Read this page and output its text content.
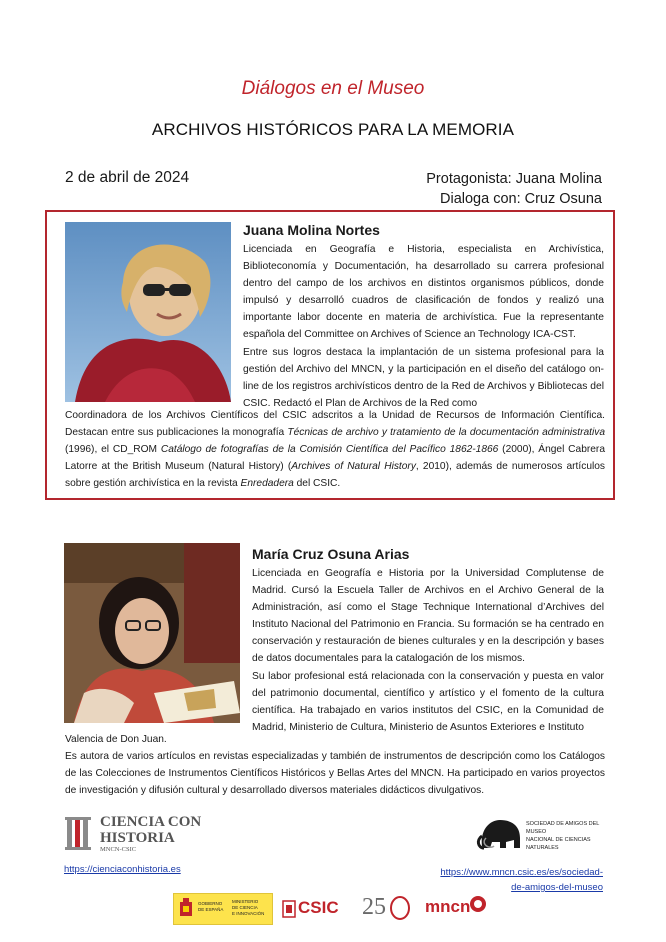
Diálogos en el Museo
ARCHIVOS HISTÓRICOS PARA LA MEMORIA
2 de abril de 2024	Protagonista: Juana Molina
Dialoga con: Cruz Osuna
Juana Molina Nortes

Licenciada en Geografía e Historia, especialista en Archivística, Biblioteconomía y Documentación, ha desarrollado su carrera profesional dentro del campo de los archivos en distintos organismos públicos, donde impulsó y desarrolló cuadros de clasificación de fondos y realizó una importante labor docente en materia de archivística. Fue la representante española del Committee on Archives of Science an Technology ICA-CST.

Entre sus logros destaca la implantación de un sistema profesional para la gestión del Archivo del MNCN, y la participación en el diseño del catálogo on-line de los registros archivísticos dentro de la Red de Archivos y Bibliotecas del CSIC. Redactó el Plan de Archivos de la Red como

Coordinadora de los Archivos Científicos del CSIC adscritos a la Unidad de Recursos de Información Científica. Destacan entre sus publicaciones la monografía Técnicas de archivo y tratamiento de la documentación administrativa (1996), el CD_ROM Catálogo de fotografías de la Comisión Científica del Pacífico 1862-1866 (2000), Ángel Cabrera Latorre at the British Museum (Natural History) (Archives of Natural History, 2010), además de numerosos artículos sobre gestión archivística en la revista Enredadera del CSIC.
María Cruz Osuna Arias

Licenciada en Geografía e Historia por la Universidad Complutense de Madrid. Cursó la Escuela Taller de Archivos en el Archivo General de la Administración, así como el Stage Technique International d’Archives del Instituto Nacional del Patrimonio en Francia. Su formación se ha centrado en conservación y restauración de bienes culturales y en la descripción y bases de datos documentales para la catalogación de los mismos.

Su labor profesional está relacionada con la conservación y puesta en valor del patrimonio documental, científico y artístico y el fomento de la cultura científica. Ha trabajado en varios institutos del CSIC, en la Comunidad de Madrid, Ministerio de Cultura, Ministerio de Asuntos Exteriores e Instituto

Valencia de Don Juan.
Es autora de varios artículos en revistas especializadas y también de instrumentos de descripción como los Catálogos de las Colecciones de Instrumentos Científicos Históricos y Bellas Artes del MNCN. Ha participado en varios proyectos de investigación y difusión cultural y desarrollado diversos materiales didácticos divulgativos.
CIENCIA CON
HISTORIA
MNCN-CSIC
SOCIEDAD DE AMIGOS DEL MUSEO
NACIONAL DE CIENCIAS NATURALES
https://cienciaconhistoria.es	https://www.mncn.csic.es/es/sociedad-
de-amigos-del-museo
GOBIERNO
DE ESPAÑA
MINISTERIO
DE CIENCIA
E INNOVACIÓN CSIC 25 mncn
